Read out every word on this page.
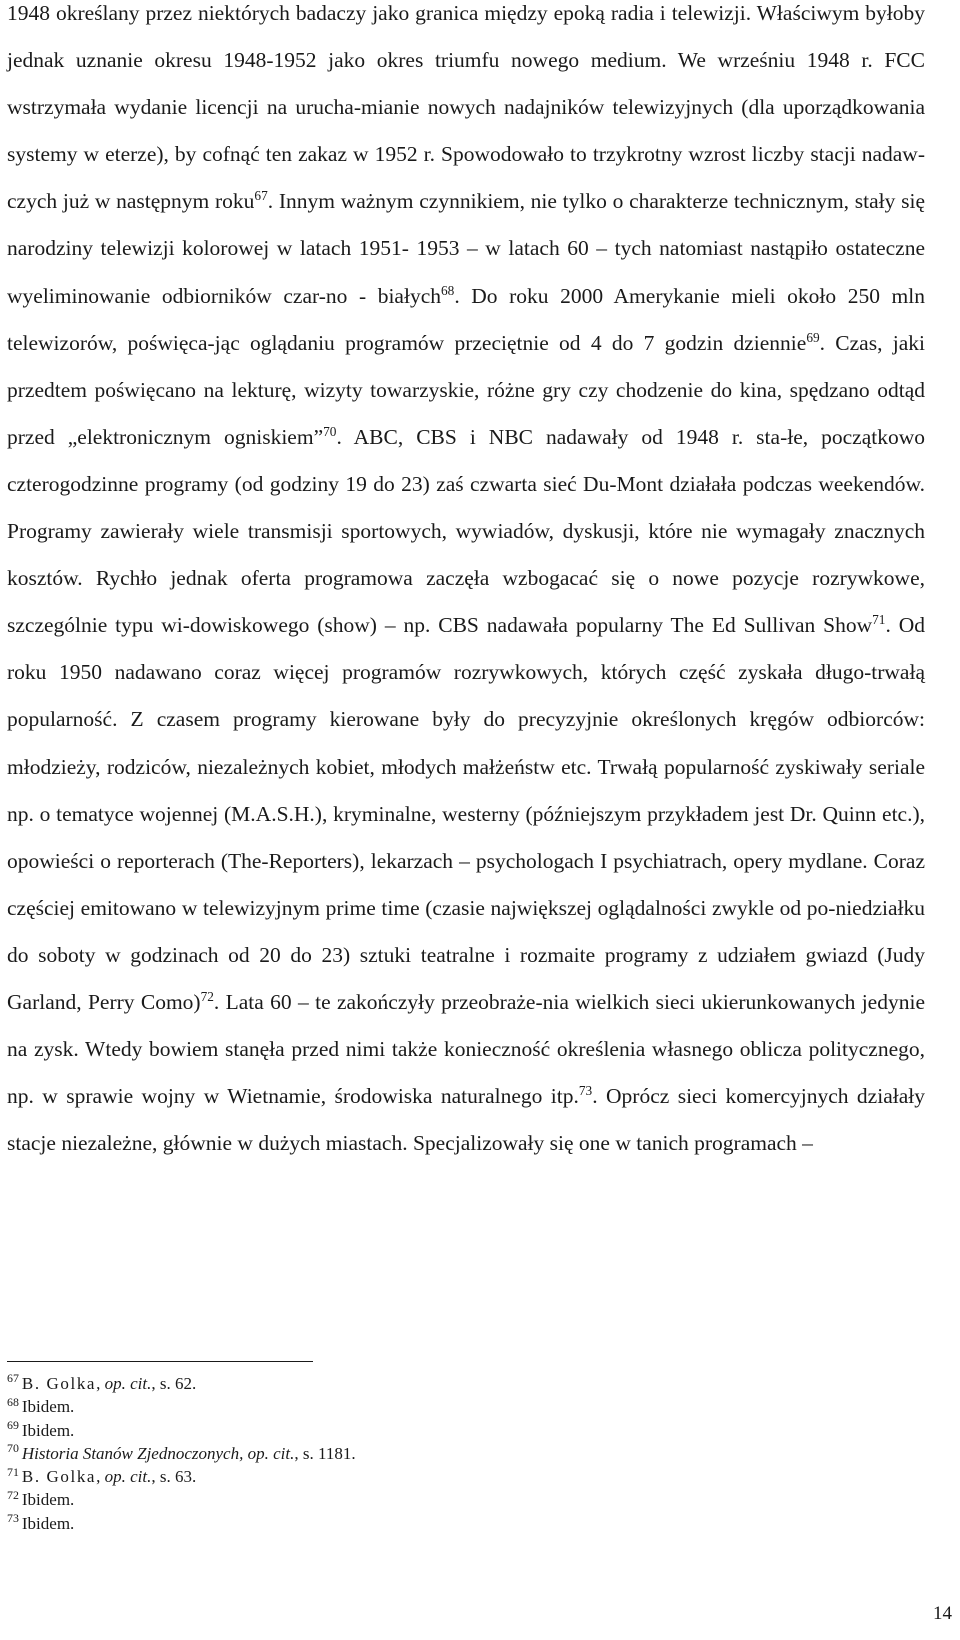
1948 określany przez niektórych badaczy jako granica między epoką radia i telewizji. Właściwym byłoby jednak uznanie okresu 1948-1952 jako okres triumfu nowego medium. We wrześniu 1948 r. FCC wstrzymała wydanie licencji na urucha-mianie nowych nadajników telewizyjnych (dla uporządkowania systemy w eterze), by cofnąć ten zakaz w 1952 r. Spowodowało to trzykrotny wzrost liczby stacji nadaw-czych już w następnym roku$^{67}$. Innym ważnym czynnikiem, nie tylko o charakterze technicznym, stały się narodziny telewizji kolorowej w latach 1951- 1953 – w latach 60 – tych natomiast nastąpiło ostateczne wyeliminowanie odbiorników czar-no - białych$^{68}$. Do roku 2000 Amerykanie mieli około 250 mln telewizorów, poświęca-jąc oglądaniu programów przeciętnie od 4 do 7 godzin dziennie$^{69}$. Czas, jaki przedtem poświęcano na lekturę, wizyty towarzyskie, różne gry czy chodzenie do kina, spędzano odtąd przed „elektronicznym ogniskiem”$^{70}$. ABC, CBS i NBC nadawały od 1948 r. sta-łe, początkowo czterogodzinne programy (od godziny 19 do 23) zaś czwarta sieć Du-Mont działała podczas weekendów. Programy zawierały wiele transmisji sportowych, wywiadów, dyskusji, które nie wymagały znacznych kosztów. Rychło jednak oferta programowa zaczęła wzbogacać się o nowe pozycje rozrywkowe, szczególnie typu wi-dowiskowego (show) – np. CBS nadawała popularny The Ed Sullivan Show$^{71}$. Od roku 1950 nadawano coraz więcej programów rozrywkowych, których część zyskała długo-trwałą popularność. Z czasem programy kierowane były do precyzyjnie określonych kręgów odbiorców: młodzieży, rodziców, niezależnych kobiet, młodych małżeństw etc. Trwałą popularność zyskiwały seriale np. o tematyce wojennej (M.A.S.H.), kryminalne, westerny (późniejszym przykładem jest Dr. Quinn etc.), opowieści o reporterach (The-Reporters), lekarzach – psychologach I psychiatrach, opery mydlane. Coraz częściej emitowano w telewizyjnym prime time (czasie największej oglądalności zwykle od po-niedziałku do soboty w godzinach od 20 do 23) sztuki teatralne i rozmaite programy z udziałem gwiazd (Judy Garland, Perry Como)$^{72}$. Lata 60 – te zakończyły przeobraże-nia wielkich sieci ukierunkowanych jedynie na zysk. Wtedy bowiem stanęła przed nimi także konieczność określenia własnego oblicza politycznego, np. w sprawie wojny w Wietnamie, środowiska naturalnego itp.$^{73}$. Oprócz sieci komercyjnych działały stacje niezależne, głównie w dużych miastach. Specjalizowały się one w tanich programach –

$^{67}$ B. Golka, op. cit., s. 62.
$^{68}$ Ibidem.
$^{69}$ Ibidem.
$^{70}$ Historia Stanów Zjednoczonych, op. cit., s. 1181.
$^{71}$ B. Golka, op. cit., s. 63.
$^{72}$ Ibidem.
$^{73}$ Ibidem.
14
